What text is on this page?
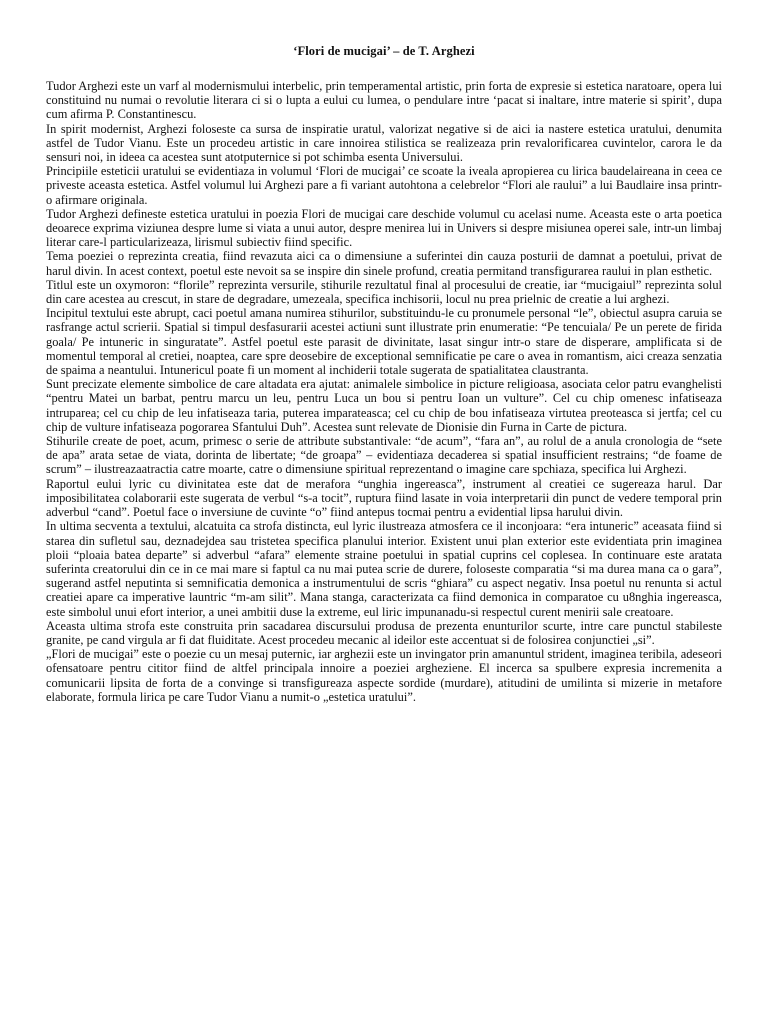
‘Flori de mucigai’ – de T. Arghezi

Tudor Arghezi este un varf al modernismului interbelic, prin temperamental artistic, prin forta de expresie si estetica naratoare, opera lui constituind nu numai o revolutie literara ci si o lupta a eului cu lumea, o pendulare intre ‘pacat si inaltare, intre materie si spirit’, dupa cum afirma P. Constantinescu.

In spirit modernist, Arghezi foloseste ca sursa de inspiratie uratul, valorizat negative si de aici ia nastere estetica uratului, denumita astfel de Tudor Vianu. Este un procedeu artistic in care innoirea stilistica se realizeaza prin revalorificarea cuvintelor, carora le da sensuri noi, in ideea ca acestea sunt atotputernice si pot schimba esenta Universului.

Principiile esteticii uratului se evidentiaza in volumul ‘Flori de mucigai’ ce scoate la iveala apropierea cu lirica baudelaireana in ceea ce priveste aceasta estetica. Astfel volumul lui Arghezi pare a fi variant autohtona a celebrelor “Flori ale raului” a lui Baudlaire insa printr-o afirmare originala.

Tudor Arghezi defineste estetica uratului in poezia Flori de mucigai care deschide volumul cu acelasi nume. Aceasta este o arta poetica deoarece exprima viziunea despre lume si viata a unui autor, despre menirea lui in Univers si despre misiunea operei sale, intr-un limbaj literar care-l particularizeaza, lirismul subiectiv fiind specific.

Tema poeziei o reprezinta creatia, fiind revazuta aici ca o dimensiune a suferintei din cauza posturii de damnat a poetului, privat de harul divin. In acest context, poetul este nevoit sa se inspire din sinele profund, creatia permitand transfigurarea raului in plan esthetic.

Titlul este un oxymoron: “florile” reprezinta versurile, stihurile rezultatul final al procesului de creatie, iar “mucigaiul” reprezinta solul din care acestea au crescut, in stare de degradare, umezeala, specifica inchisorii, locul nu prea prielnic de creatie a lui arghezi.

Incipitul textului este abrupt, caci poetul amana numirea stihurilor, substituindu-le cu pronumele personal “le”, obiectul asupra caruia se rasfrange actul scrierii. Spatial si timpul desfasurarii acestei actiuni sunt illustrate prin enumeratie: “Pe tencuiala/ Pe un perete de firida goala/ Pe intuneric in singuratate”. Astfel poetul este parasit de divinitate, lasat singur intr-o stare de disperare, amplificata si de momentul temporal al cretiei, noaptea, care spre deosebire de exceptional semnificatie pe care o avea in romantism, aici creaza senzatia de spaima a neantului. Intunericul poate fi un moment al inchiderii totale sugerata de spatialitatea claustranta.

Sunt precizate elemente simbolice de care altadata era ajutat: animalele simbolice in picture religioasa, asociata celor patru evanghelisti “pentru Matei un barbat, pentru marcu un leu, pentru Luca un bou si pentru Ioan un vulture”. Cel cu chip omenesc infatiseaza intruparea; cel cu chip de leu infatiseaza taria, puterea imparateasca; cel cu chip de bou infatiseaza virtutea preoteasca si jertfa; cel cu chip de vulture infatiseaza pogorarea Sfantului Duh”. Acestea sunt relevate de Dionisie din Furna in Carte de pictura.

Stihurile create de poet, acum, primesc o serie de attribute substantivale: “de acum”, “fara an”, au rolul de a anula cronologia de “sete de apa” arata setae de viata, dorinta de libertate; “de groapa” – evidentiaza decaderea si spatial insufficient restrains; “de foame de scrum” – ilustreazaatractia catre moarte, catre o dimensiune spiritual reprezentand o imagine care spchiaza, specifica lui Arghezi.

Raportul eului lyric cu divinitatea este dat de merafora “unghia ingereasca”, instrument al creatiei ce sugereaza harul. Dar imposibilitatea colaborarii este sugerata de verbul “s-a tocit”, ruptura fiind lasate in voia interpretarii din punct de vedere temporal prin adverbul “cand”. Poetul face o inversiune de cuvinte “o” fiind antepus tocmai pentru a evidential lipsa harului divin.

In ultima secventa a textului, alcatuita ca strofa distincta, eul lyric ilustreaza atmosfera ce il inconjoara: “era intuneric” aceasata fiind si starea din sufletul sau, deznadejdea sau tristetea specifica planului interior. Existent unui plan exterior este evidentiata prin imaginea ploii “ploaia batea departe” si adverbul “afara” elemente straine poetului in spatial cuprins cel coplesea. In continuare este aratata suferinta creatorului din ce in ce mai mare si faptul ca nu mai putea scrie de durere, foloseste comparatia “si ma durea mana ca o gara”, sugerand astfel neputinta si semnificatia demonica a instrumentului de scris “ghiara” cu aspect negativ. Insa poetul nu renunta si actul creatiei apare ca imperative launtric “m-am silit”. Mana stanga, caracterizata ca fiind demonica in comparatoe cu u8nghia ingereasca, este simbolul unui efort interior, a unei ambitii duse la extreme, eul liric impunanadu-si respectul curent menirii sale creatoare.

Aceasta ultima strofa este construita prin sacadarea discursului produsa de prezenta enunturilor scurte, intre care punctul stabileste granite, pe cand virgula ar fi dat fluiditate. Acest procedeu mecanic al ideilor este accentuat si de folosirea conjunctiei „si”.

„Flori de mucigai” este o poezie cu un mesaj puternic, iar arghezii este un invingator prin amanuntul strident, imaginea teribila, adeseori ofensatoare pentru cititor fiind de altfel principala innoire a poeziei argheziene. El incerca sa spulbere expresia incremenita a comunicarii lipsita de forta de a convinge si transfigureaza aspecte sordide (murdare), atitudini de umilinta si mizerie in metafore elaborate, formula lirica pe care Tudor Vianu a numit-o „estetica uratului”.
